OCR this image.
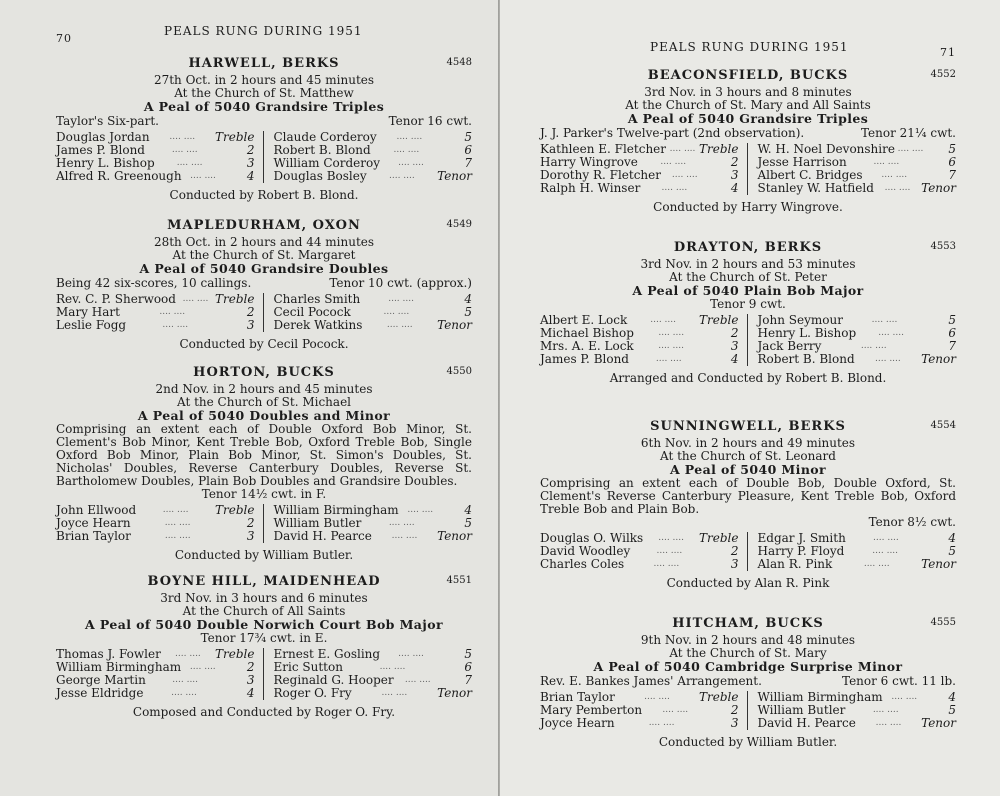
70
PEALS RUNG DURING 1951
HARWELL, BERKS	4548
27th Oct. in 2 hours and 45 minutes
At the Church of St. Matthew
A Peal of 5040 Grandsire Triples
Taylor's Six-part.	Tenor 16 cwt.
Douglas Jordan	.... ....	Treble
James P. Blond	.... ....	2
Henry L. Bishop	.... ....	3
Alfred R. Greenough .... ....	4
Claude Corderoy	.... ....	5
Robert B. Blond	.... ....	6
William Corderoy	.... ....	7
Douglas Bosley	.... ....	Tenor
Conducted by Robert B. Blond.
MAPLEDURHAM, OXON	4549
28th Oct. in 2 hours and 44 minutes
At the Church of St. Margaret
A Peal of 5040 Grandsire Doubles
Being 42 six-scores, 10 callings.	Tenor 10 cwt. (approx.)
Rev. C. P. Sherwood .... .... Treble
Mary Hart	.... ....	2
Leslie Fogg	.... ....	3
Charles Smith	.... ....	4
Cecil Pocock	.... ....	5
Derek Watkins	.... ....	Tenor
Conducted by Cecil Pocock.
HORTON, BUCKS	4550
2nd Nov. in 2 hours and 45 minutes
At the Church of St. Michael
A Peal of 5040 Doubles and Minor
Comprising an extent each of Double Oxford Bob Minor, St. Clement's Bob Minor, Kent Treble Bob, Oxford Treble Bob, Single Oxford Bob Minor, Plain Bob Minor, St. Simon's Doubles, St. Nicholas' Doubles, Reverse Canterbury Doubles, Reverse St. Bartholomew Doubles, Plain Bob Doubles and Grandsire Doubles.
Tenor 14½ cwt. in F.
John Ellwood	.... ....	Treble
Joyce Hearn	.... ....	2
Brian Taylor	.... ....	3
William Birmingham .... ....	4
William Butler	.... ....	5
David H. Pearce	.... ....	Tenor
Conducted by William Butler.
BOYNE HILL, MAIDENHEAD	4551
3rd Nov. in 3 hours and 6 minutes
At the Church of All Saints
A Peal of 5040 Double Norwich Court Bob Major
Tenor 17¾ cwt. in E.
Thomas J. Fowler	.... ....	Treble
William Birmingham .... ....	2
George Martin	.... ....	3
Jesse Eldridge	.... ....	4
Ernest E. Gosling	.... ....	5
Eric Sutton	.... ....	6
Reginald G. Hooper	.... ....	7
Roger O. Fry	.... ....	Tenor
Composed and Conducted by Roger O. Fry.
PEALS RUNG DURING 1951	71
BEACONSFIELD, BUCKS	4552
3rd Nov. in 3 hours and 8 minutes
At the Church of St. Mary and All Saints
A Peal of 5040 Grandsire Triples
J. J. Parker's Twelve-part (2nd observation).	Tenor 21¼ cwt.
Kathleen E. Fletcher .... .... Treble
Harry Wingrove	.... ....	2
Dorothy R. Fletcher	.... ....	3
Ralph H. Winser	.... ....	4
W. H. Noel Devonshire .... ....	5
Jesse Harrison	.... ....	6
Albert C. Bridges	.... ....	7
Stanley W. Hatfield	.... .... Tenor
Conducted by Harry Wingrove.
DRAYTON, BERKS	4553
3rd Nov. in 2 hours and 53 minutes
At the Church of St. Peter
A Peal of 5040 Plain Bob Major
Tenor 9 cwt.
Albert E. Lock	.... ....	Treble
Michael Bishop	.... ....	2
Mrs. A. E. Lock	.... ....	3
James P. Blond	.... ....	4
John Seymour	.... ....	5
Henry L. Bishop	.... ....	6
Jack Berry	.... ....	7
Robert B. Blond	.... ....	Tenor
Arranged and Conducted by Robert B. Blond.
SUNNINGWELL, BERKS	4554
6th Nov. in 2 hours and 49 minutes
At the Church of St. Leonard
A Peal of 5040 Minor
Comprising an extent each of Double Bob, Double Oxford, St. Clement's Reverse Canterbury Pleasure, Kent Treble Bob, Oxford Treble Bob and Plain Bob.
Tenor 8½ cwt.
Douglas O. Wilks	.... ....	Treble
David Woodley	.... ....	2
Charles Coles	.... ....	3
Edgar J. Smith	.... ....	4
Harry P. Floyd	.... ....	5
Alan R. Pink	.... ....	Tenor
Conducted by Alan R. Pink
HITCHAM, BUCKS	4555
9th Nov. in 2 hours and 48 minutes
At the Church of St. Mary
A Peal of 5040 Cambridge Surprise Minor
Rev. E. Bankes James' Arrangement.	Tenor 6 cwt. 11 lb.
Brian Taylor	.... ....	Treble
Mary Pemberton	.... ....	2
Joyce Hearn	.... ....	3
William Birmingham .... ....	4
William Butler	.... ....	5
David H. Pearce	.... ....	Tenor
Conducted by William Butler.
